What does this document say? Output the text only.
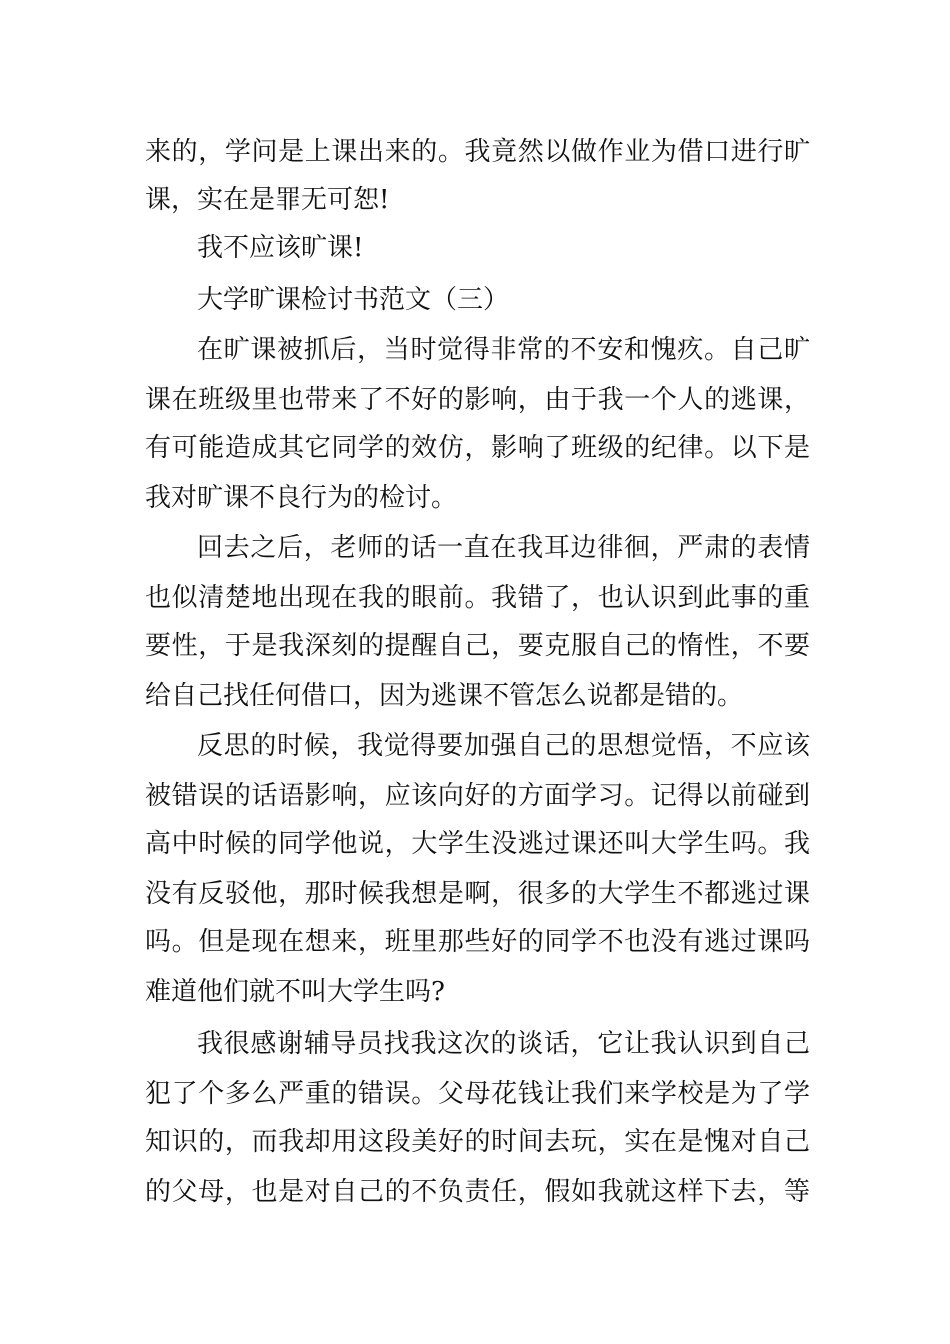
来的，学问是上课出来的。我竟然以做作业为借口进行旷
课，实在是罪无可恕!
我不应该旷课!
大学旷课检讨书范文（三）
在旷课被抓后，当时觉得非常的不安和愧疚。自己旷
课在班级里也带来了不好的影响，由于我一个人的逃课，
有可能造成其它同学的效仿，影响了班级的纪律。以下是
我对旷课不良行为的检讨。
回去之后，老师的话一直在我耳边徘徊，严肃的表情
也似清楚地出现在我的眼前。我错了，也认识到此事的重
要性，于是我深刻的提醒自己，要克服自己的惰性，不要
给自己找任何借口，因为逃课不管怎么说都是错的。
反思的时候，我觉得要加强自己的思想觉悟，不应该
被错误的话语影响，应该向好的方面学习。记得以前碰到
高中时候的同学他说，大学生没逃过课还叫大学生吗。我
没有反驳他，那时候我想是啊，很多的大学生不都逃过课
吗。但是现在想来，班里那些好的同学不也没有逃过课吗
难道他们就不叫大学生吗?
我很感谢辅导员找我这次的谈话，它让我认识到自己
犯了个多么严重的错误。父母花钱让我们来学校是为了学
知识的，而我却用这段美好的时间去玩，实在是愧对自己
的父母，也是对自己的不负责任，假如我就这样下去，等
